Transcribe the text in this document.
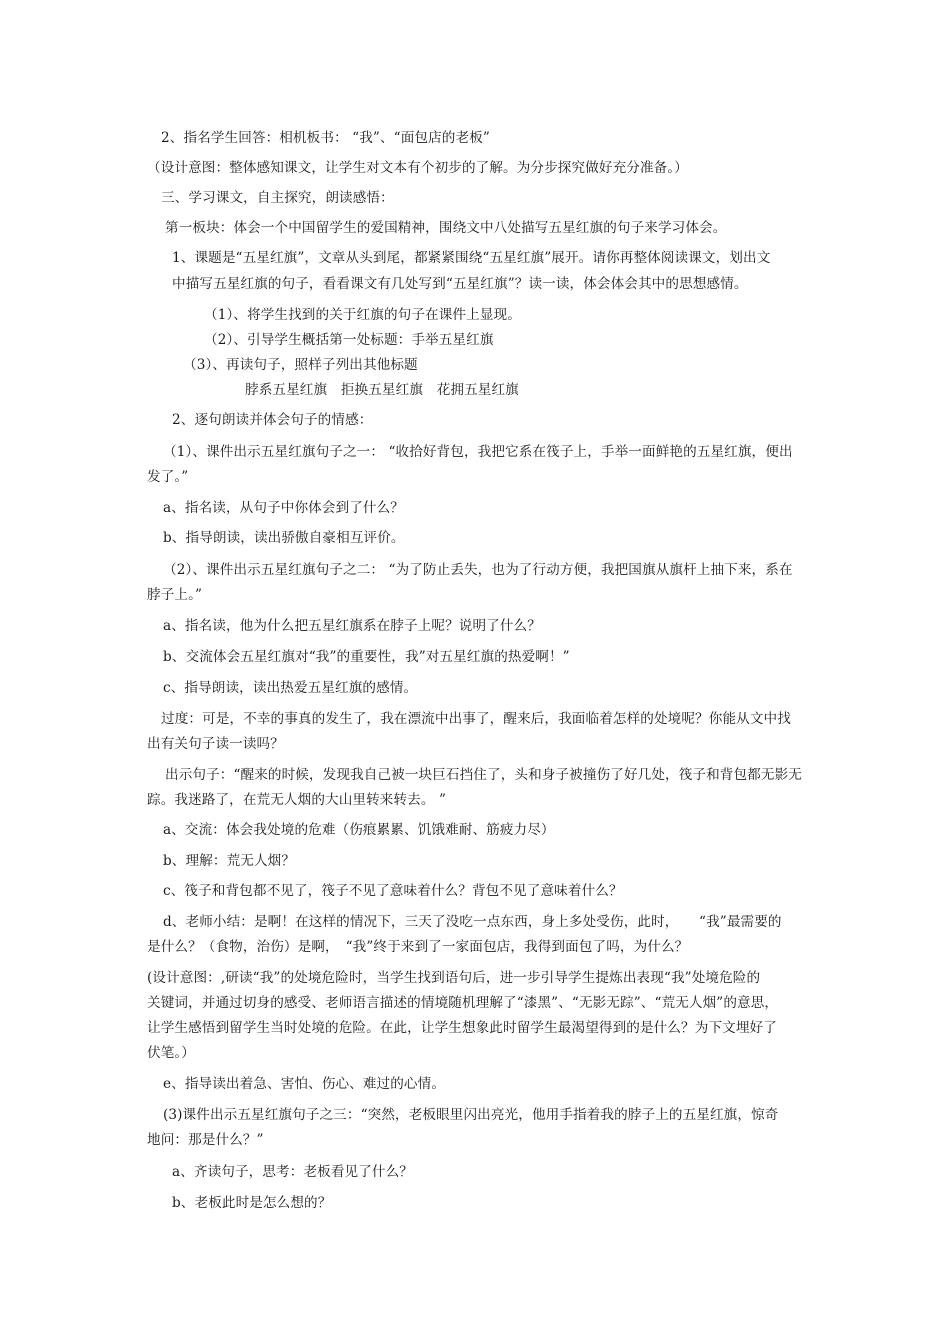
2、指名学生回答：相机板书： “我”、“面包店的老板”
（设计意图：整体感知课文，让学生对文本有个初步的了解。为分步探究做好充分准备。）
三、学习课文，自主探究，朗读感悟：
第一板块：体会一个中国留学生的爱国精神，围绕文中八处描写五星红旗的句子来学习体会。
1、课题是“五星红旗”，文章从头到尾，都紧紧围绕“五星红旗”展开。请你再整体阅读课文，划出文
中描写五星红旗的句子，看看课文有几处写到“五星红旗”？读一读，体会体会其中的思想感情。
（1）、将学生找到的关于红旗的句子在课件上显现。
（2）、引导学生概括第一处标题：手举五星红旗
（3）、再读句子，照样子列出其他标题
脖系五星红旗　拒换五星红旗　花拥五星红旗
2、逐句朗读并体会句子的情感：
（1）、课件出示五星红旗句子之一： “收拾好背包，我把它系在筏子上，手举一面鲜艳的五星红旗，便出
发了。”
a、指名读，从句子中你体会到了什么？
b、指导朗读，读出骄傲自豪相互评价。
（2）、课件出示五星红旗句子之二： “为了防止丢失，也为了行动方便，我把国旗从旗杆上抽下来，系在
脖子上。”
a、指名读，他为什么把五星红旗系在脖子上呢？说明了什么？
b、交流体会五星红旗对“我”的重要性，我”对五星红旗的热爱啊！”
c、指导朗读，读出热爱五星红旗的感情。
过度：可是，不幸的事真的发生了，我在漂流中出事了，醒来后，我面临着怎样的处境呢？你能从文中找
出有关句子读一读吗？
出示句子：“醒来的时候，发现我自己被一块巨石挡住了，头和身子被撞伤了好几处，筏子和背包都无影无
踪。我迷路了，在荒无人烟的大山里转来转去。 ”
a、交流：体会我处境的危难（伤痕累累、饥饿难耐、筋疲力尽）
b、理解：荒无人烟？
c、筏子和背包都不见了，筏子不见了意味着什么？背包不见了意味着什么？
d、老师小结：是啊！在这样的情况下，三天了没吃一点东西，身上多处受伤，此时，　　“我”最需要的
是什么？（食物，治伤）是啊，　“我”终于来到了一家面包店，我得到面包了吗，为什么？
(设计意图：,研读“我”的处境危险时，当学生找到语句后，进一步引导学生提炼出表现“我”处境危险的
关键词，并通过切身的感受、老师语言描述的情境随机理解了“漆黑”、“无影无踪”、“荒无人烟”的意思，
让学生感悟到留学生当时处境的危险。在此，让学生想象此时留学生最渴望得到的是什么？为下文埋好了
伏笔。）
e、指导读出着急、害怕、伤心、难过的心情。
(3)课件出示五星红旗句子之三：“突然，老板眼里闪出亮光，他用手指着我的脖子上的五星红旗，惊奇
地问：那是什么？”
a、齐读句子，思考：老板看见了什么？
b、老板此时是怎么想的？
